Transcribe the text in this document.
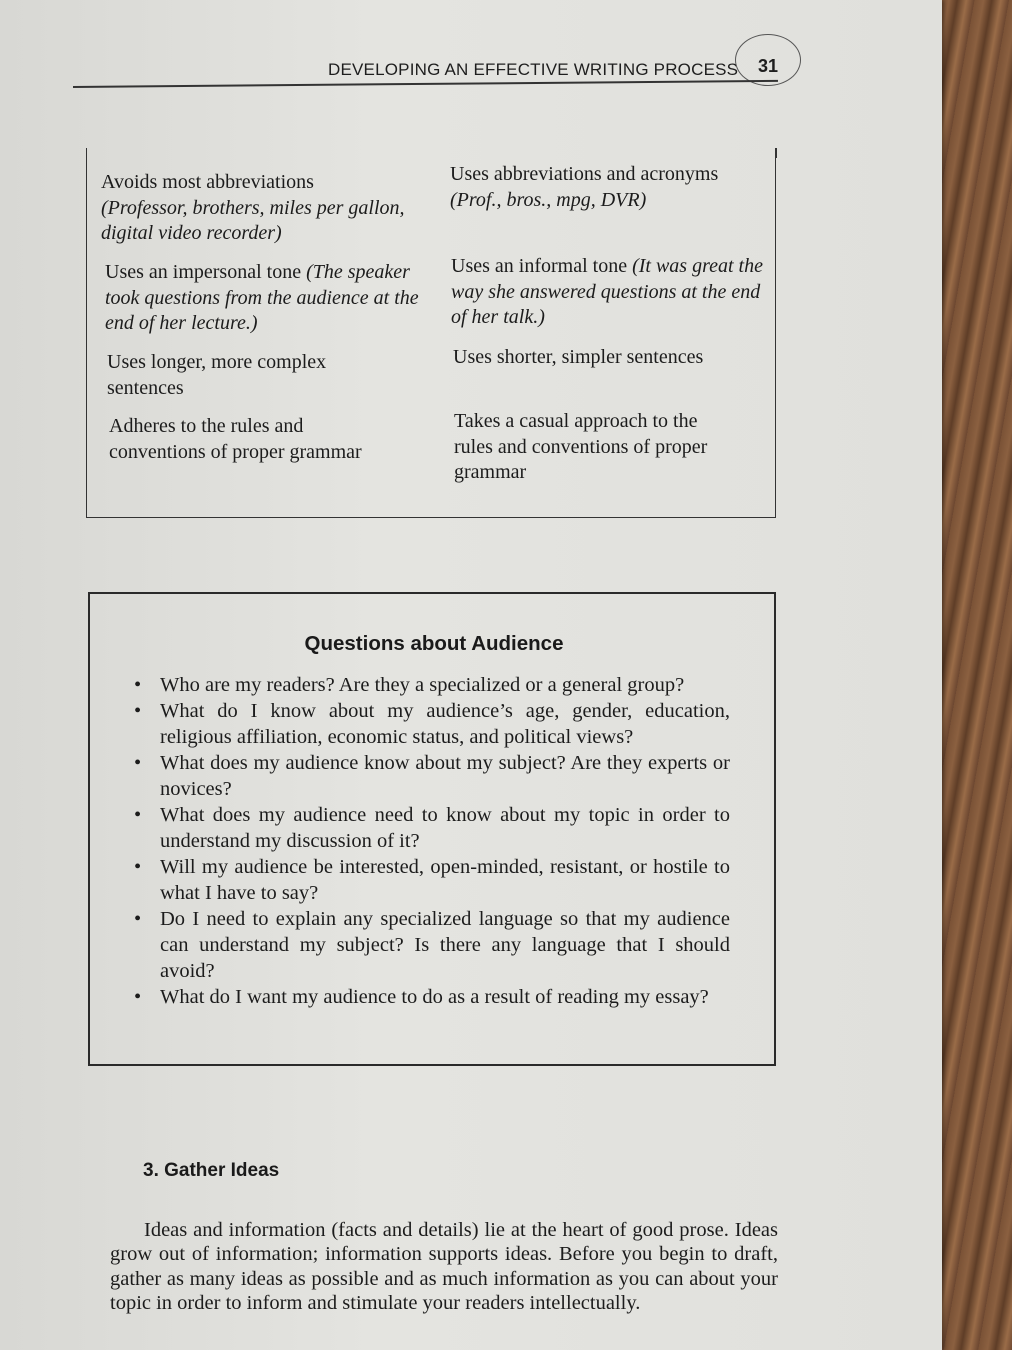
DEVELOPING AN EFFECTIVE WRITING PROCESS	31
Avoids most abbreviations
(Professor, brothers, miles per gallon, digital video recorder)
Uses abbreviations and acronyms
(Prof., bros., mpg, DVR)
Uses an impersonal tone (The speaker took questions from the audience at the end of her lecture.)
Uses an informal tone (It was great the way she answered questions at the end of her talk.)
Uses longer, more complex sentences
Uses shorter, simpler sentences
Adheres to the rules and conventions of proper grammar
Takes a casual approach to the rules and conventions of proper grammar
Questions about Audience
• Who are my readers? Are they a specialized or a general group?
• What do I know about my audience’s age, gender, education, religious affiliation, economic status, and political views?
• What does my audience know about my subject? Are they experts or novices?
• What does my audience need to know about my topic in order to understand my discussion of it?
• Will my audience be interested, open-minded, resistant, or hostile to what I have to say?
• Do I need to explain any specialized language so that my audience can understand my subject? Is there any language that I should avoid?
• What do I want my audience to do as a result of reading my essay?
3. Gather Ideas

Ideas and information (facts and details) lie at the heart of good prose. Ideas grow out of information; information supports ideas. Before you begin to draft, gather as many ideas as possible and as much information as you can about your topic in order to inform and stimulate your readers intellectually.
